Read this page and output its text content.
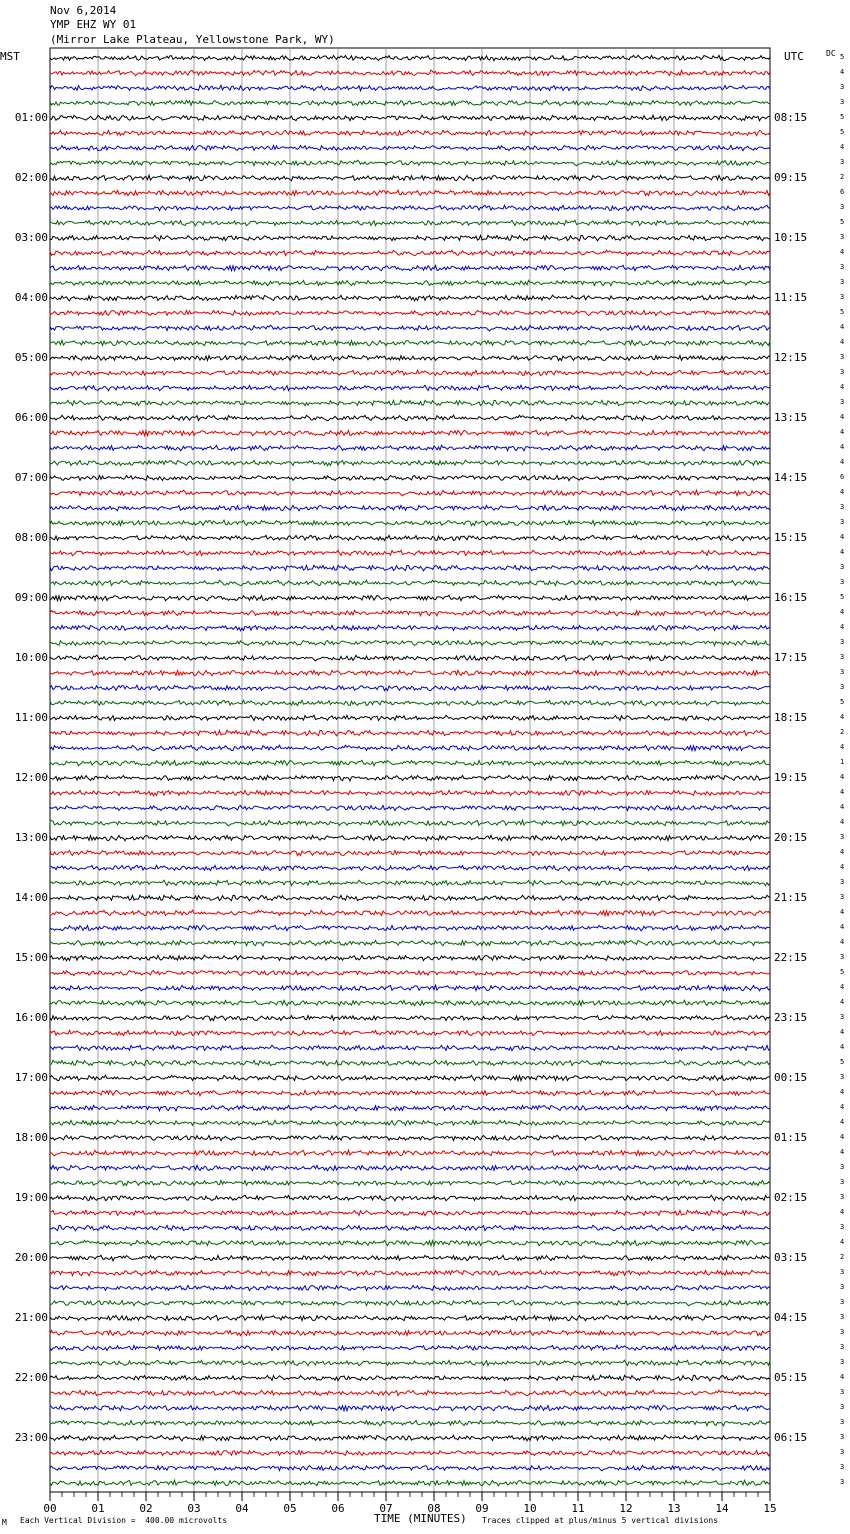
Nov 6,2014
YMP EHZ WY 01
(Mirror Lake Plateau, Yellowstone Park, WY)
MST	UTC	DC
01:00
02:00
03:00
04:00
05:00
06:00
07:00
08:00
09:00
10:00
11:00
12:00
13:00
14:00
15:00
16:00
17:00
18:00
19:00
20:00
21:00
22:00
23:00
08:15
09:15
10:15
11:15
12:15
13:15
14:15
15:15
16:15
17:15
18:15
19:15
20:15
21:15
22:15
23:15
00:15
01:15
02:15
03:15
04:15
05:15
06:15
5
4
3
3
5
5
4
3
2
6
3
5
3
4
3
3
3
5
4
4
3
3
4
3
4
4
4
4
6
4
3
3
4
4
3
3
5
4
4
3
3
3
3
5
4
2
4
1
4
4
4
4
3
4
4
3
3
4
4
4
3
5
4
4
3
4
4
5
3
4
4
4
4
4
3
3
3
4
3
4
2
3
3
3
3
3
3
3
4
3
3
3
3
3
3
3
00	01	02	03	04	05	06	07	08	09	10	11	12	13	14	15
M Each Vertical Division =  400.00 microvolts	TIME (MINUTES) Traces clipped at plus/minus 5 vertical divisions
